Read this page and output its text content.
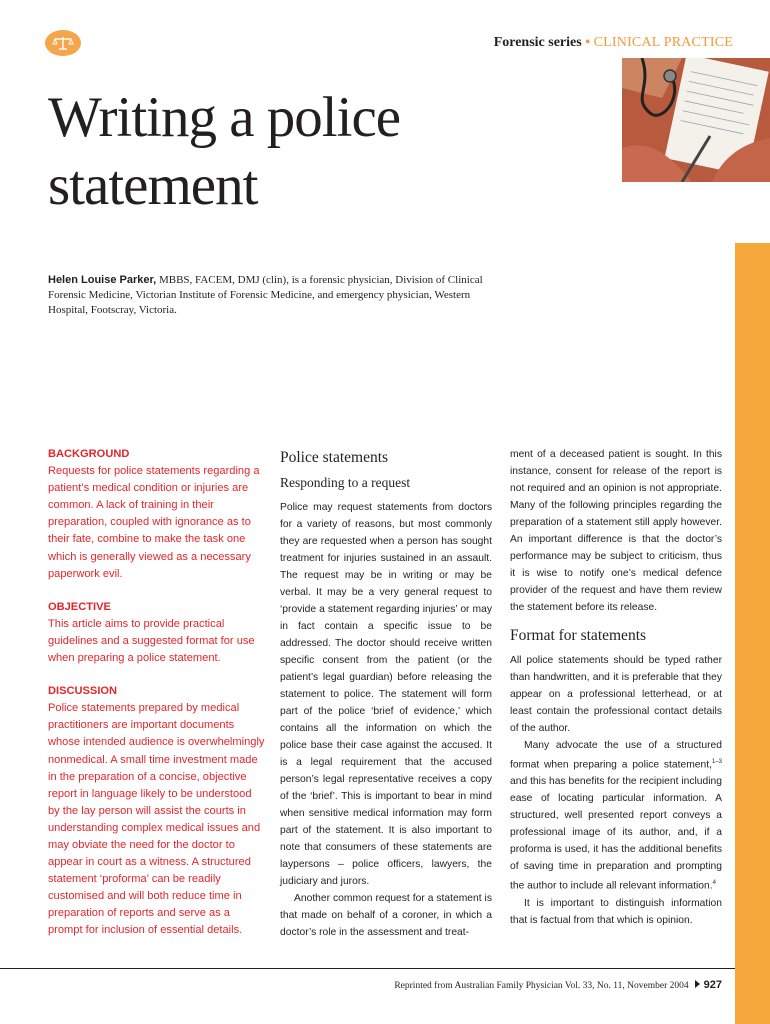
Forensic series • CLINICAL PRACTICE
Writing a police
statement
Helen Louise Parker, MBBS, FACEM, DMJ (clin), is a forensic physician, Division of Clinical Forensic Medicine, Victorian Institute of Forensic Medicine, and emergency physician, Western Hospital, Footscray, Victoria.
BACKGROUND

Requests for police statements regarding a patient’s medical condition or injuries are common. A lack of training in their preparation, coupled with ignorance as to their fate, combine to make the task one which is generally viewed as a necessary paperwork evil.

OBJECTIVE

This article aims to provide practical guidelines and a suggested format for use when preparing a police statement.

DISCUSSION

Police statements prepared by medical practitioners are important documents whose intended audience is overwhelmingly nonmedical. A small time investment made in the preparation of a concise, objective report in language likely to be understood by the lay person will assist the courts in understanding complex medical issues and may obviate the need for the doctor to appear in court as a witness. A structured statement ‘proforma’ can be readily customised and will both reduce time in preparation of reports and serve as a prompt for inclusion of essential details.

Police statements
Responding to a request

Police may request statements from doctors for a variety of reasons, but most commonly they are requested when a person has sought treatment for injuries sustained in an assault. The request may be in writing or may be verbal. It may be a very general request to ‘provide a statement regarding injuries’ or may in fact contain a specific issue to be addressed. The doctor should receive written specific consent from the patient (or the patient’s legal guardian) before releasing the statement to police. The statement will form part of the police ‘brief of evidence,’ which contains all the information on which the police base their case against the accused. It is a legal requirement that the accused person’s legal representative receives a copy of the ‘brief’. This is important to bear in mind when sensitive medical information may form part of the statement. It is also important to note that consumers of these statements are laypersons – police officers, lawyers, the judiciary and jurors.

Another common request for a statement is that made on behalf of a coroner, in which a doctor’s role in the assessment and treat-

ment of a deceased patient is sought. In this instance, consent for release of the report is not required and an opinion is not appropriate. Many of the following principles regarding the preparation of a statement still apply however. An important difference is that the doctor’s performance may be subject to criticism, thus it is wise to notify one’s medical defence provider of the request and have them review the statement before its release.

Format for statements

All police statements should be typed rather than handwritten, and it is preferable that they appear on a professional letterhead, or at least contain the professional contact details of the author.

Many advocate the use of a structured format when preparing a police statement,$^{1-3}$ and this has benefits for the recipient including ease of locating particular information. A structured, well presented report conveys a professional image of its author, and, if a proforma is used, it has the additional benefits of saving time in preparation and prompting the author to include all relevant information.$^4$

It is important to distinguish information that is factual from that which is opinion.

Reprinted from Australian Family Physician Vol. 33, No. 11, November 2004 927
